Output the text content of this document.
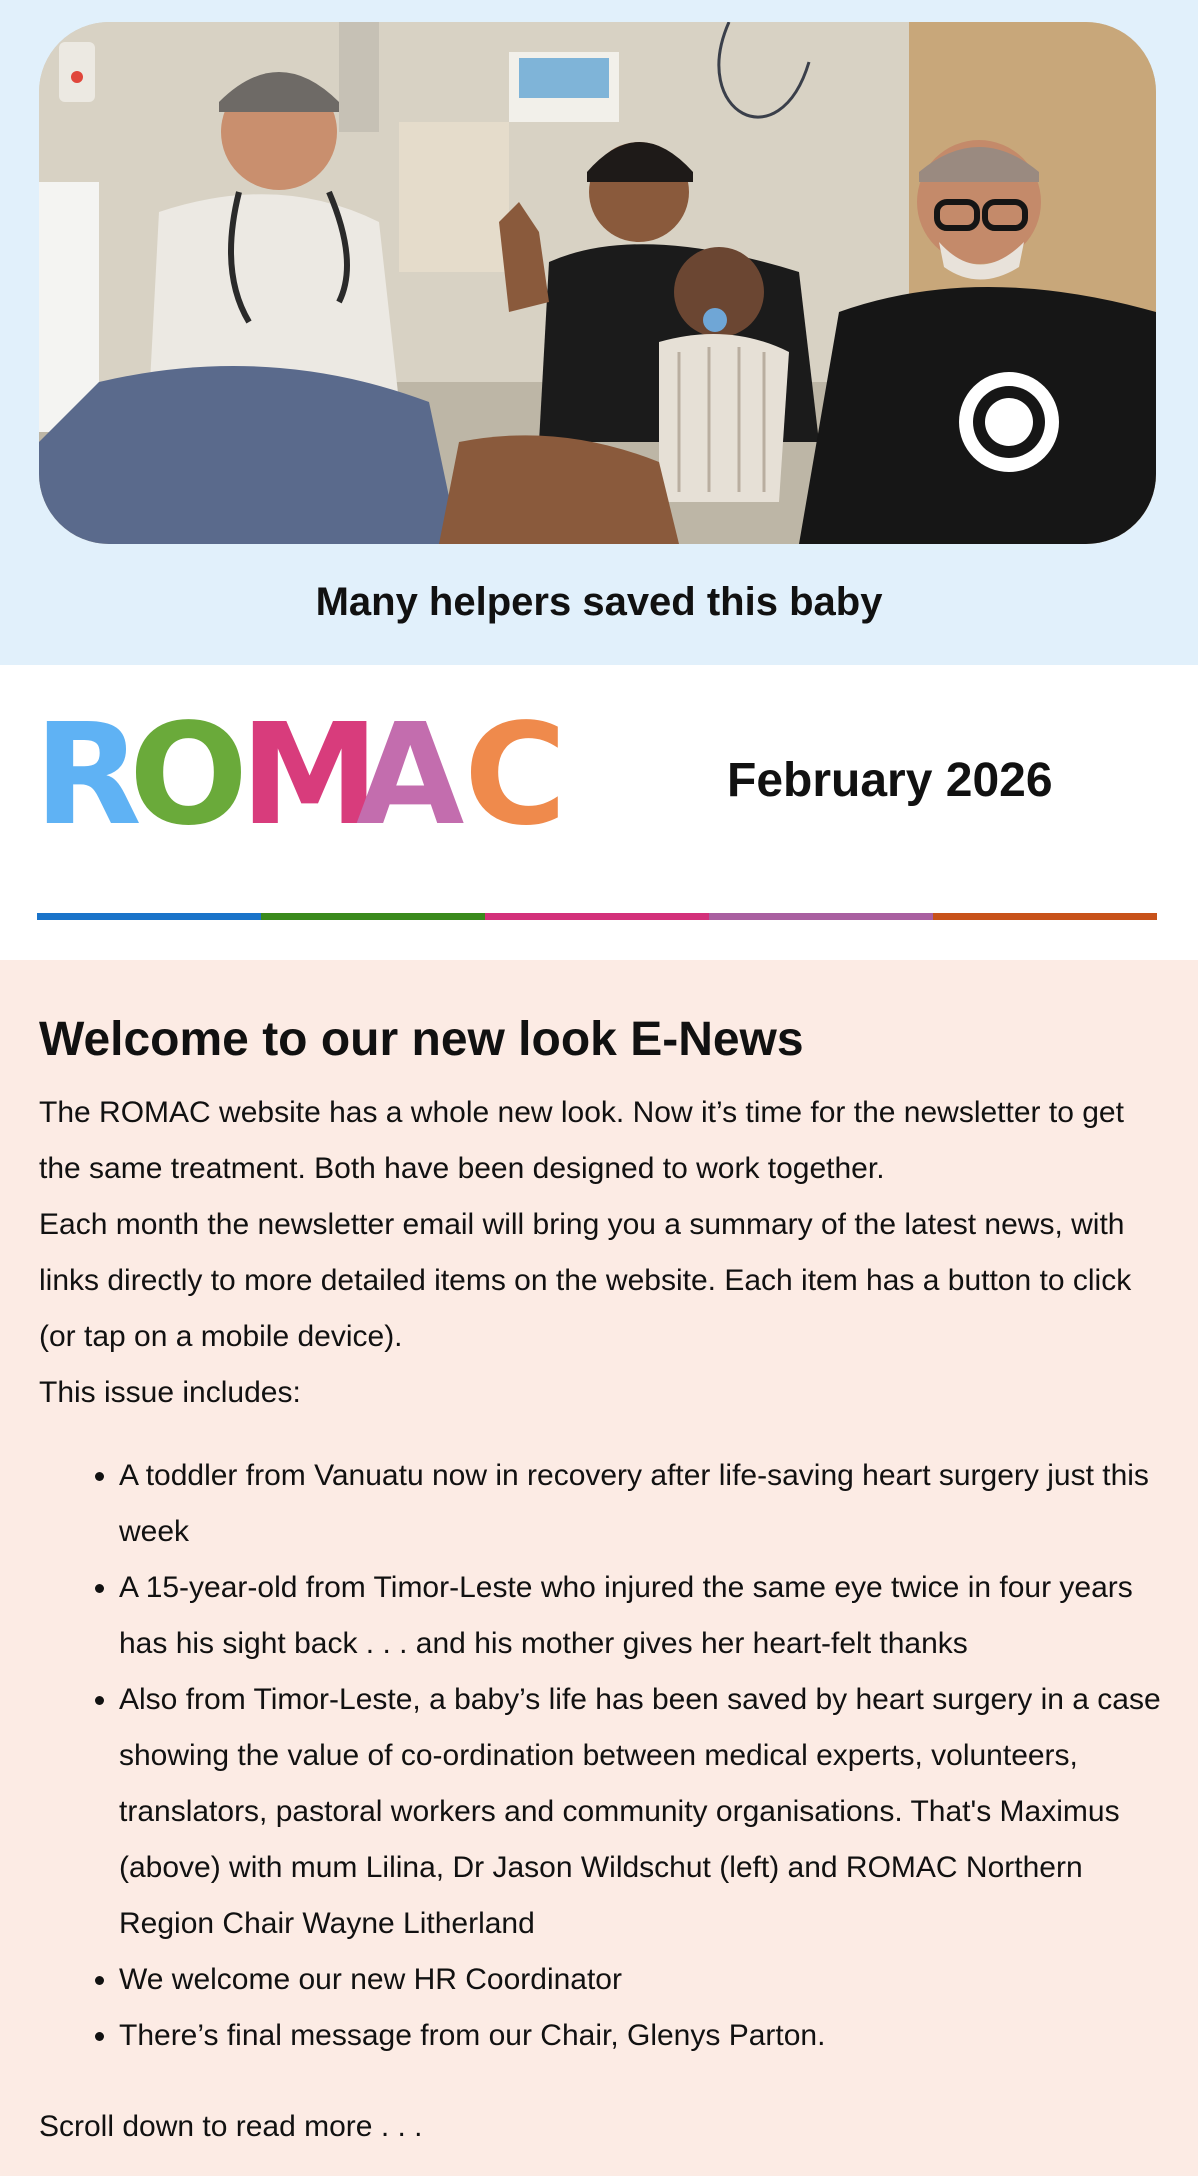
Many helpers saved this baby
R
O
M
A C	February 2026
Welcome to our new look E-News

The ROMAC website has a whole new look. Now it’s time for the newsletter to get the same treatment. Both have been designed to work together.

Each month the newsletter email will bring you a summary of the latest news, with links directly to more detailed items on the website. Each item has a button to click (or tap on a mobile device).

This issue includes:

• A toddler from Vanuatu now in recovery after life-saving heart surgery just this week
• A 15-year-old from Timor-Leste who injured the same eye twice in four years has his sight back . . . and his mother gives her heart-felt thanks
• Also from Timor-Leste, a baby’s life has been saved by heart surgery in a case showing the value of co-ordination between medical experts, volunteers, translators, pastoral workers and community organisations. That's Maximus (above) with mum Lilina, Dr Jason Wildschut (left) and ROMAC Northern Region Chair Wayne Litherland
• We welcome our new HR Coordinator
• There’s final message from our Chair, Glenys Parton.

Scroll down to read more . . .
